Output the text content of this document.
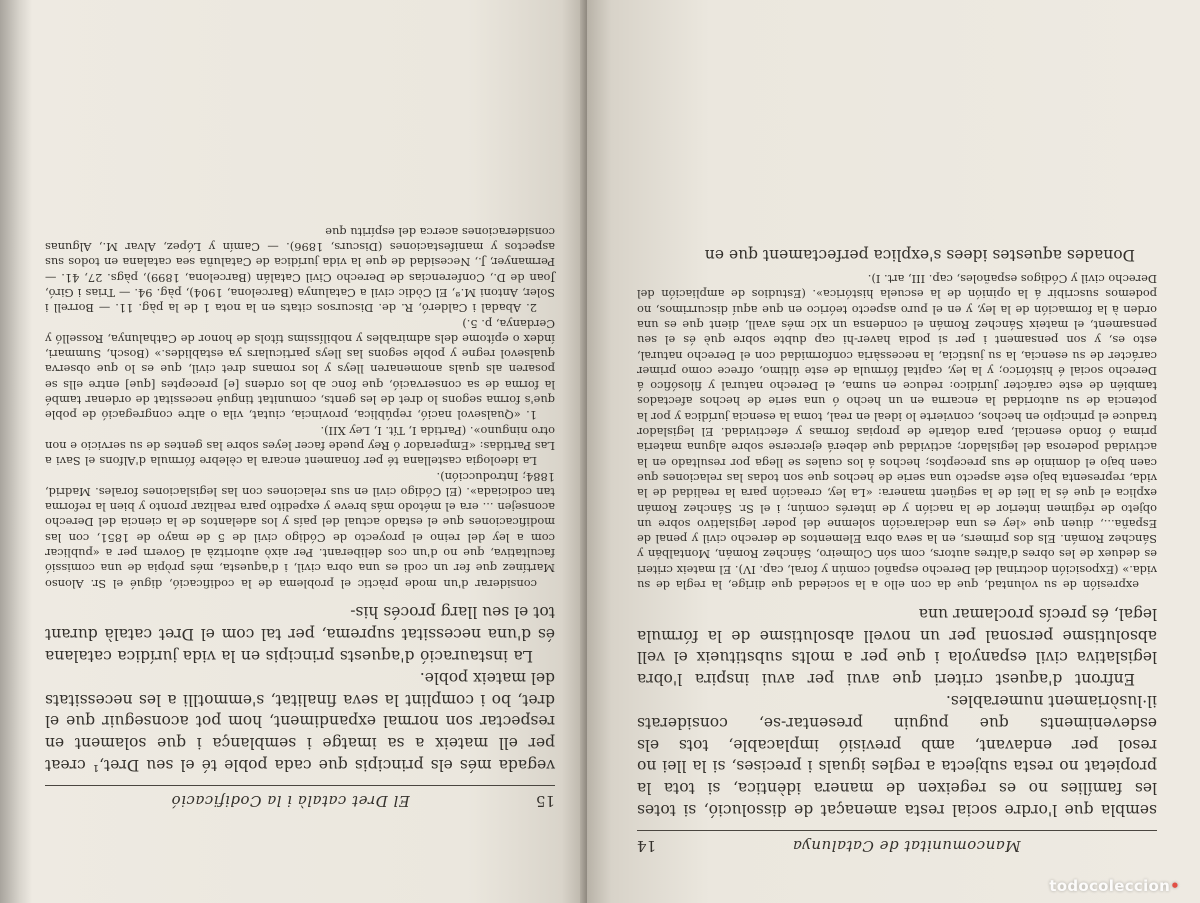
15
El Dret català i la Codificació

vegada més els principis que cada poble té el seu Dret,¹ creat per ell mateix a sa imatge i semblança i que solament en respectar son normal expandiment, hom pot aconseguir que el dret, bo i complint la seva finalitat, s'emmotlli a les necessitats del mateix poble.

La instauració d'aquests principis en la vida jurídica catalana és d'una necessitat suprema, per tal com el Dret català durant tot el seu llarg procés his-

considerar d'un mode pràctic el problema de la codificació, digué el Sr. Alonso Martínez que fer un codi es una obra civil, i d'aquesta, més pròpia de una comissió facultativa, que no d'un cos deliberant. Per això autoritzà al Govern per a «publicar com a ley del reino el proyecto de Código civil de 5 de mayo de 1851, con las modificaciones que el estado actual del país y los adelantos de la ciencia del Derecho aconsejen ... era el método más breve y expedito para realizar pronto y bien la reforma tan codiciada». (El Código civil en sus relaciones con las legislaciones forales. Madrid, 1884; Introducción).

La ideologia castellana té per fonament encara la cèlebre fórmula d'Alfons el Savi a Las Partidas: «Emperador ó Rey puede facer leyes sobre las gentes de su servicio e non otro ninguno». (Partida I, Tít. I, Ley XII).

1. «Qualsevol nació, república, provincia, ciutat, vila o altre congregació de poble que's forma segons lo dret de les gents, comunitat tingué necessitat de ordenar també la forma de sa conservació, que fonc ab los ordens [e] preceptes [que] entre ells se posaren als quals anomenaren lleys y los romans dret civil, que es lo que observa qualsevol regne y poble segons las lleys particulars ya establides.» (Bosch, Summari, índex o epítome dels admirables y nobilíssims títols de honor de Cathalunya, Rosselló y Cerdanya, p. 5.)

2. Abadal i Calderó, R. de. Discursos citats en la nota 1 de la pàg. 11. — Borrell i Soler, Antoni M.ª, El Còdic civil a Catalunya (Barcelona, 1904), pàg. 94. — Trias i Giró, Joan de D., Conferencias de Derecho Civil Catalán (Barcelona, 1899), pàgs. 27, 41. — Permanyer, J., Necesidad de que la vida jurídica de Cataluña sea catalana en todos sus aspectos y manifestaciones (Discurs, 1896). — Camín y López, Alvar M., Algunas consideraciones acerca del espíritu que

Mancomunitat de Catalunya
14

sembla que l'ordre social resta amenaçat de dissolució, si totes les famílies no es regeixen de manera idèntica, si tota la propietat no resta subjecta a regles iguals i precises, si la llei no resol per endavant, amb previsió implacable, tots els esdeveniments que puguin presentar-se, considerats il·lusòriament numerables.

Enfront d'aquest criteri que avui per avui inspira l'obra legislativa civil espanyola i que per a molts substitueix el vell absolutisme personal per un novell absolutisme de la fórmula legal, és precís proclamar una

expresión de su voluntad, que da con ello a la sociedad que dirige, la regla de su vida.» (Exposición doctrinal del Derecho español común y foral, cap. IV). El mateix criteri es deduex de les obres d'altres autors, com són Colmeiro, Sánchez Román, Montalbán y Sánchez Román. Els dos primers, en la seva obra Elementos de derecho civil y penal de España..., diuen que «ley es una declaración solemne del poder legislativo sobre un objeto de régimen interior de la nación y de interés común; i el Sr. Sánchez Román explica el que és la llei de la següent manera: «La ley, creación para la realidad de la vida, representa bajo este aspecto una serie de hechos que son todas las relaciones que caen bajo el dominio de sus preceptos; hechos á los cuales se llega por resultado en la actividad poderosa del legislador; actividad que deberá ejercerse sobre alguna materia prima ó fondo esencial, para dotarle de propias formas y efectividad. El legislador traduce el principio en hechos, convierte lo ideal en real, toma la esencia jurídica y por la potencia de su autoridad la encarna en un hecho ó una serie de hechos afectados también de este carácter jurídico: reduce en suma, el Derecho natural y filosófico á Derecho social é histórico; y la ley, capital fórmula de este último, ofrece como primer carácter de su esencia, la su justícia, la necessària conformidad con el Derecho natural, esto es, y son pensament i per si podia haver-hi cap dubte sobre què és el seu pensament, el mateix Sánchez Román el condensa un xic més avall, dient que es una orden à la formación de la ley, y en el puro aspecto teórico en que aquí discurrimos, no podemos suscribir á la opinión de la escuela histórica». (Estudios de ampliación del Derecho civil y Códigos españoles, cap. III, art. I).

Donades aquestes idees s'explica perfectament que en

todocoleccion•
